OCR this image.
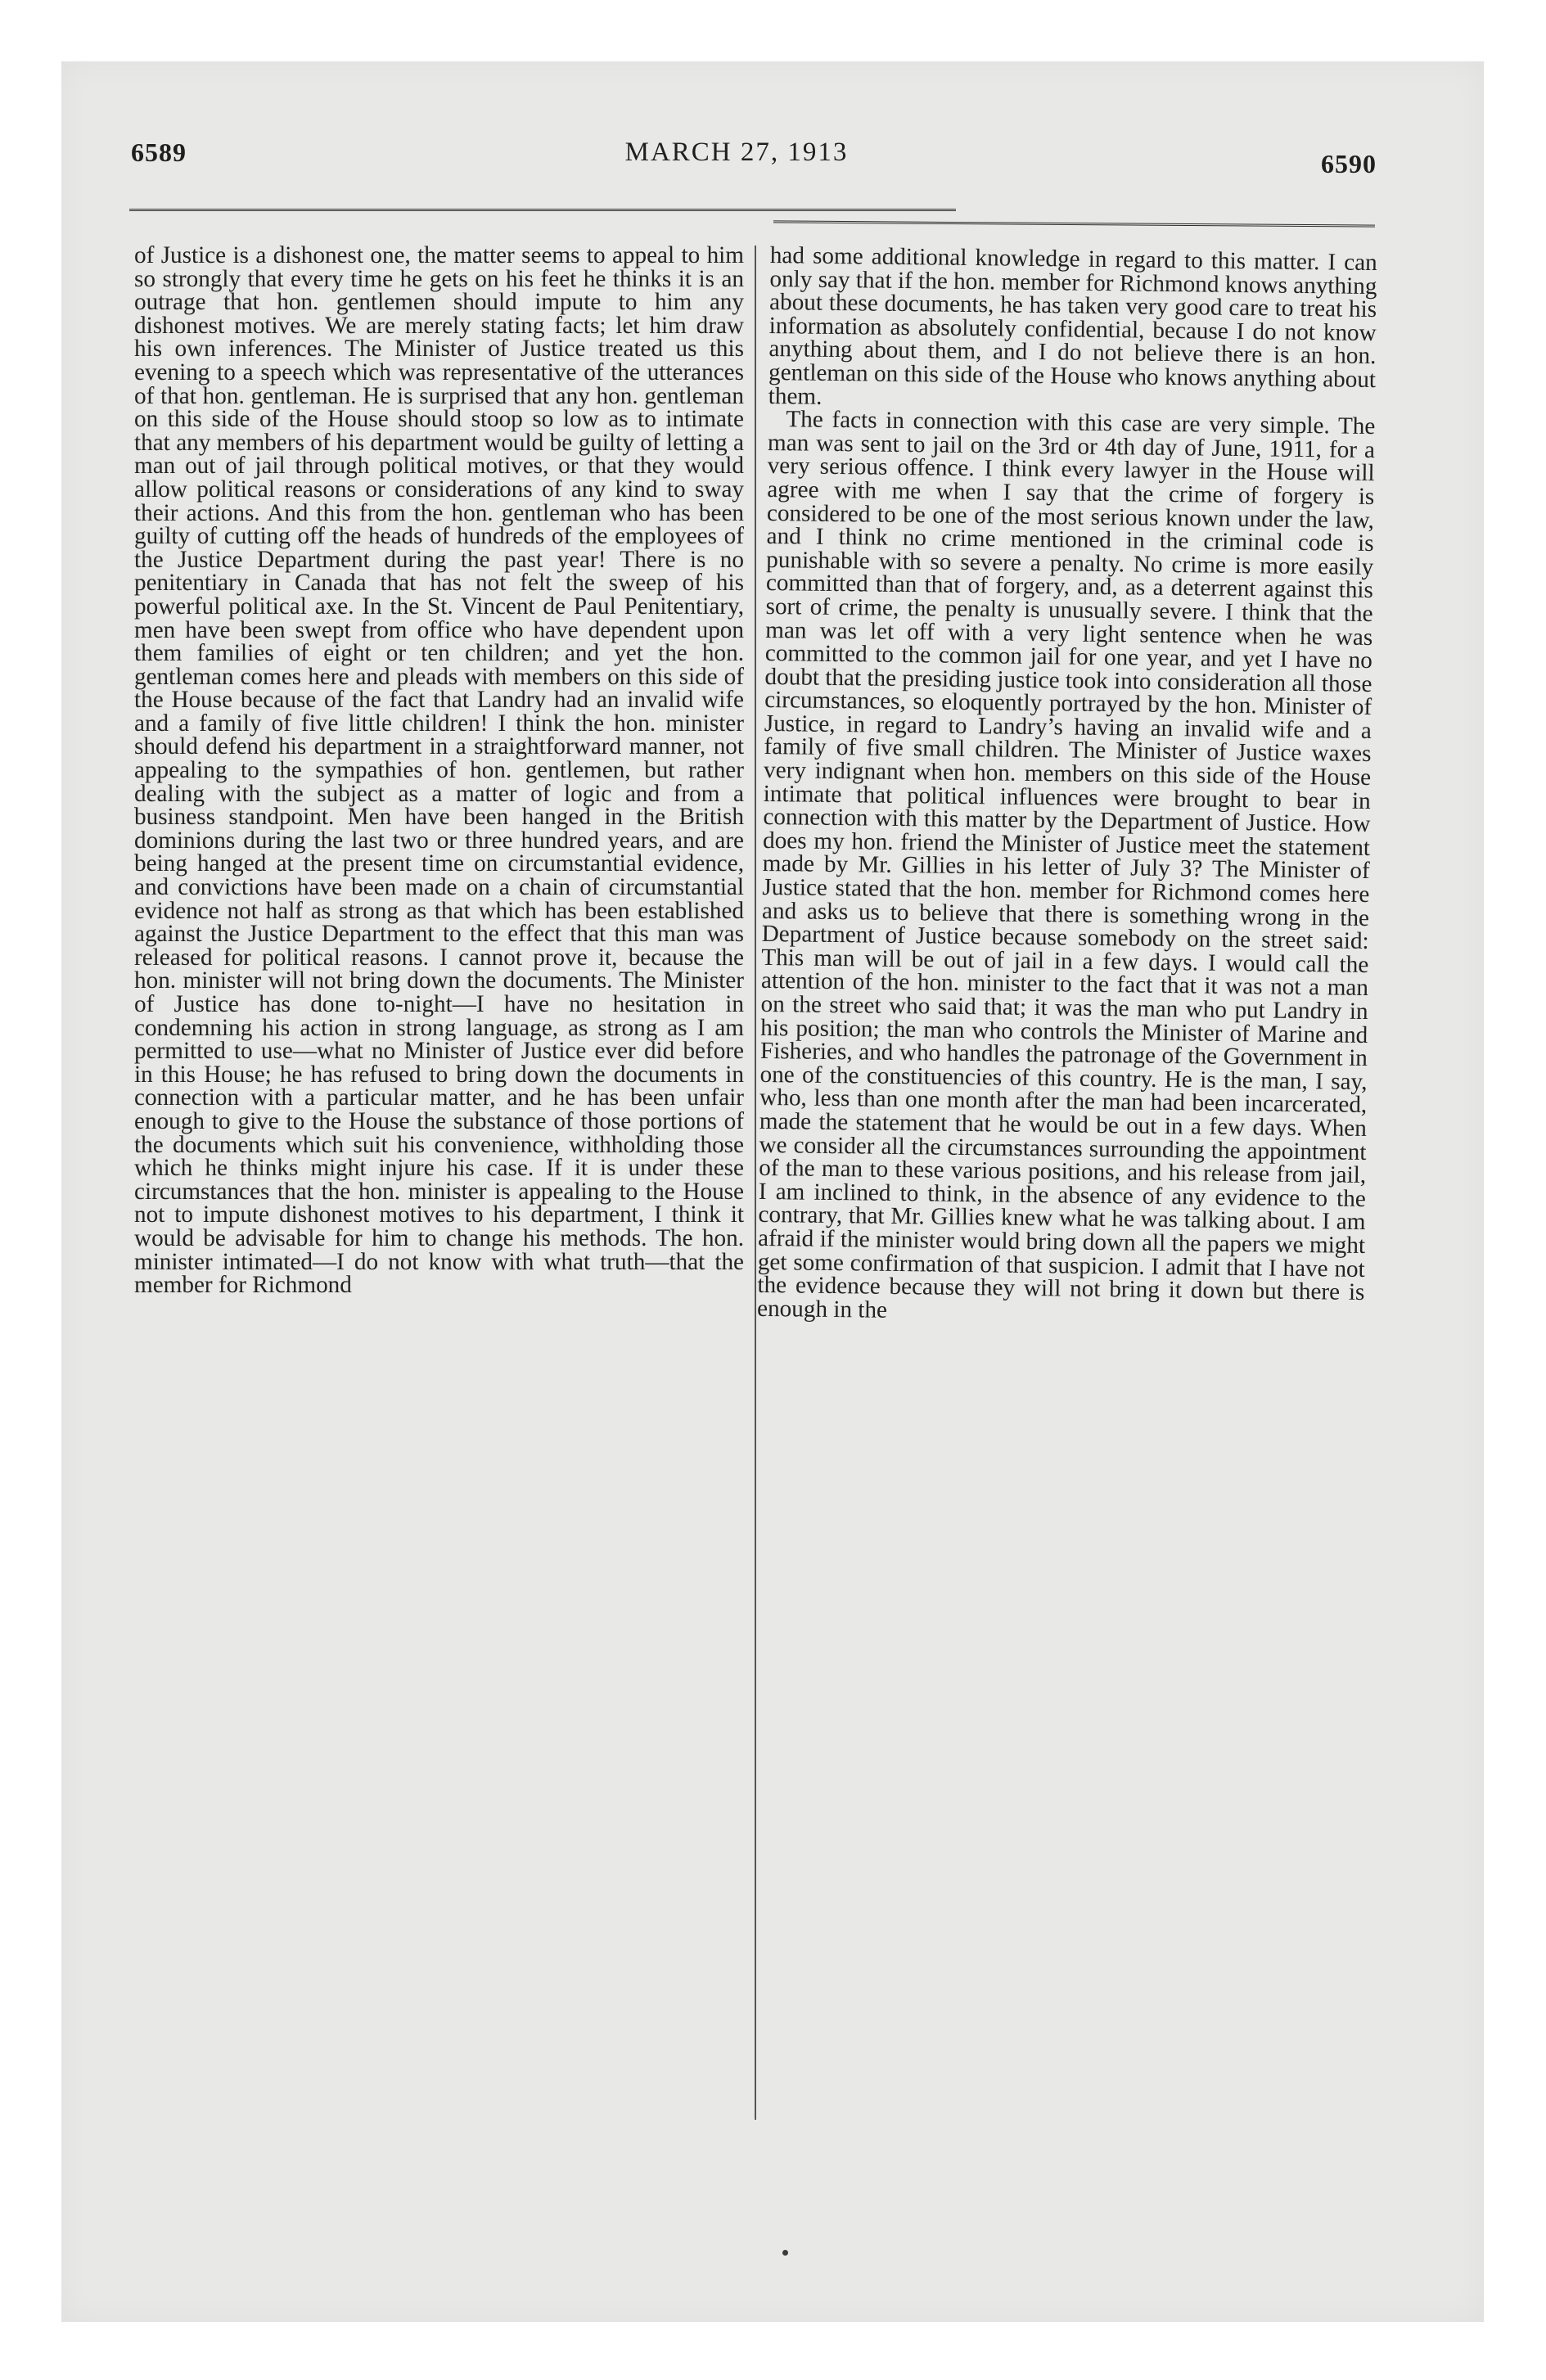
6589	MARCH 27, 1913	6590

of Justice is a dishonest one, the matter seems to appeal to him so strongly that every time he gets on his feet he thinks it is an outrage that hon. gentlemen should impute to him any dishonest motives. We are merely stating facts; let him draw his own inferences. The Minister of Justice treated us this evening to a speech which was representative of the utterances of that hon. gentleman. He is surprised that any hon. gentleman on this side of the House should stoop so low as to intimate that any members of his department would be guilty of letting a man out of jail through political motives, or that they would allow political reasons or considerations of any kind to sway their actions. And this from the hon. gentleman who has been guilty of cutting off the heads of hundreds of the employees of the Justice Department during the past year! There is no penitentiary in Canada that has not felt the sweep of his powerful political axe. In the St. Vincent de Paul Penitentiary, men have been swept from office who have dependent upon them families of eight or ten children; and yet the hon. gentleman comes here and pleads with members on this side of the House because of the fact that Landry had an invalid wife and a family of five little children! I think the hon. minister should defend his department in a straightforward manner, not appealing to the sympathies of hon. gentlemen, but rather dealing with the subject as a matter of logic and from a business standpoint. Men have been hanged in the British dominions during the last two or three hundred years, and are being hanged at the present time on circumstantial evidence, and convictions have been made on a chain of circumstantial evidence not half as strong as that which has been established against the Justice Department to the effect that this man was released for political reasons. I cannot prove it, because the hon. minister will not bring down the documents. The Minister of Justice has done to-night—I have no hesitation in condemning his action in strong language, as strong as I am permitted to use—what no Minister of Justice ever did before in this House; he has refused to bring down the documents in connection with a particular matter, and he has been unfair enough to give to the House the substance of those portions of the documents which suit his convenience, withholding those which he thinks might injure his case. If it is under these circumstances that the hon. minister is appealing to the House not to impute dishonest motives to his department, I think it would be advisable for him to change his methods. The hon. minister intimated—I do not know with what truth—that the member for Richmond

had some additional knowledge in regard to this matter. I can only say that if the hon. member for Richmond knows anything about these documents, he has taken very good care to treat his information as absolutely confidential, because I do not know anything about them, and I do not believe there is an hon. gentleman on this side of the House who knows anything about them.

The facts in connection with this case are very simple. The man was sent to jail on the 3rd or 4th day of June, 1911, for a very serious offence. I think every lawyer in the House will agree with me when I say that the crime of forgery is considered to be one of the most serious known under the law, and I think no crime mentioned in the criminal code is punishable with so severe a penalty. No crime is more easily committed than that of forgery, and, as a deterrent against this sort of crime, the penalty is unusually severe. I think that the man was let off with a very light sentence when he was committed to the common jail for one year, and yet I have no doubt that the presiding justice took into consideration all those circumstances, so eloquently portrayed by the hon. Minister of Justice, in regard to Landry’s having an invalid wife and a family of five small children. The Minister of Justice waxes very indignant when hon. members on this side of the House intimate that political influences were brought to bear in connection with this matter by the Department of Justice. How does my hon. friend the Minister of Justice meet the statement made by Mr. Gillies in his letter of July 3? The Minister of Justice stated that the hon. member for Richmond comes here and asks us to believe that there is something wrong in the Department of Justice because somebody on the street said: This man will be out of jail in a few days. I would call the attention of the hon. minister to the fact that it was not a man on the street who said that; it was the man who put Landry in his position; the man who controls the Minister of Marine and Fisheries, and who handles the patronage of the Government in one of the constituencies of this country. He is the man, I say, who, less than one month after the man had been incarcerated, made the statement that he would be out in a few days. When we consider all the circumstances surrounding the appointment of the man to these various positions, and his release from jail, I am inclined to think, in the absence of any evidence to the contrary, that Mr. Gillies knew what he was talking about. I am afraid if the minister would bring down all the papers we might get some confirmation of that suspicion. I admit that I have not the evidence because they will not bring it down but there is enough in the
